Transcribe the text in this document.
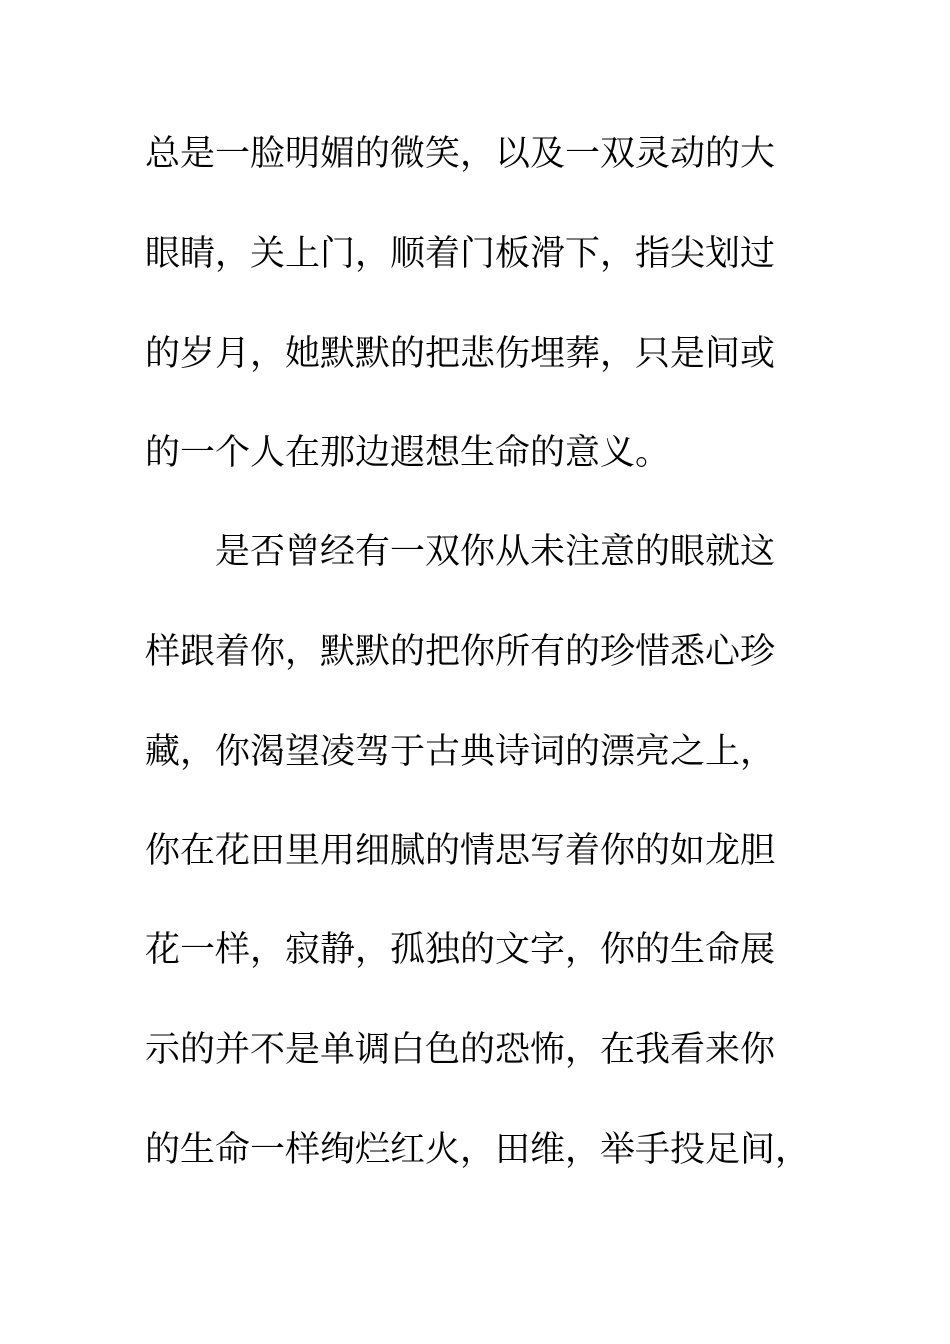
总是一脸明媚的微笑，以及一双灵动的大
眼睛，关上门，顺着门板滑下，指尖划过
的岁月，她默默的把悲伤埋葬，只是间或
的一个人在那边遐想生命的意义。
是否曾经有一双你从未注意的眼就这
样跟着你，默默的把你所有的珍惜悉心珍
藏，你渴望凌驾于古典诗词的漂亮之上，
你在花田里用细腻的情思写着你的如龙胆
花一样，寂静，孤独的文字，你的生命展
示的并不是单调白色的恐怖，在我看来你
的生命一样绚烂红火，田维，举手投足间，
